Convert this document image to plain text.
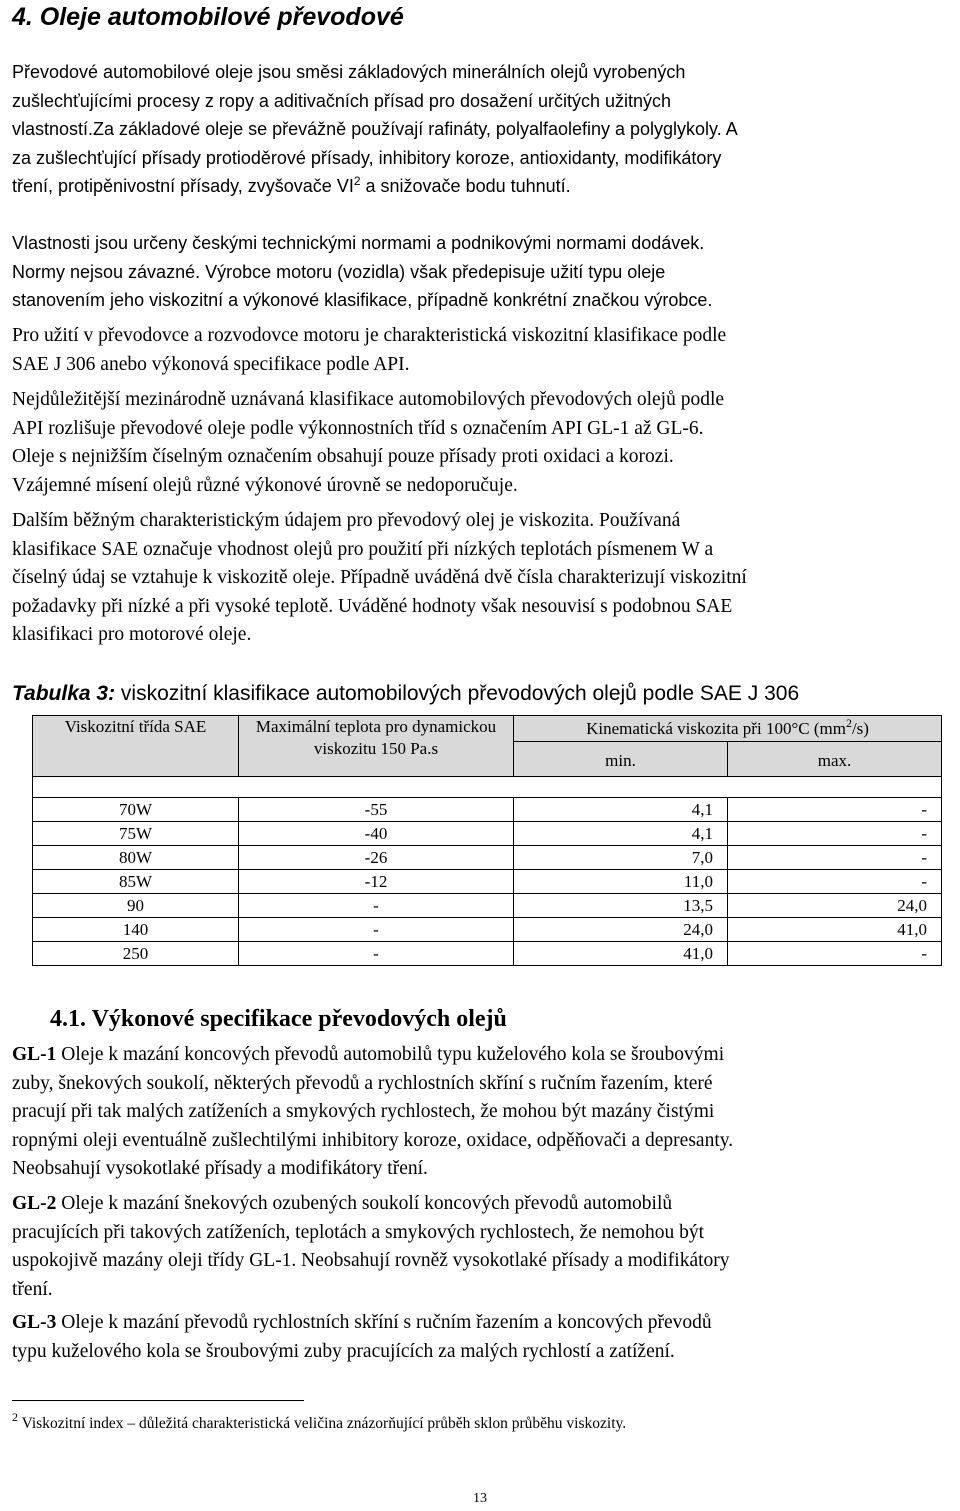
4. Oleje automobilové převodové

Převodové automobilové oleje jsou směsi základových minerálních olejů vyrobených
zušlechťujícími procesy z ropy a aditivačních přísad pro dosažení určitých užitných
vlastností.Za základové oleje se převážně používají rafináty, polyalfaolefiny a polyglykoly. A
za zušlechťující přísady protioděrové přísady, inhibitory koroze, antioxidanty, modifikátory
tření, protipěnivostní přísady, zvyšovače $VI^2$ a snižovače bodu tuhnutí.

Vlastnosti jsou určeny českými technickými normami a podnikovými normami dodávek.
Normy nejsou závazné. Výrobce motoru (vozidla) však předepisuje užití typu oleje
stanovením jeho viskozitní a výkonové klasifikace, případně konkrétní značkou výrobce.

Pro užití v převodovce a rozvodovce motoru je charakteristická viskozitní klasifikace podle
SAE J 306 anebo výkonová specifikace podle API.

Nejdůležitější mezinárodně uznávaná klasifikace automobilových převodových olejů podle
API rozlišuje převodové oleje podle výkonnostních tříd s označením API GL-1 až GL-6.
Oleje s nejnižším číselným označením obsahují pouze přísady proti oxidaci a korozi.
Vzájemné mísení olejů různé výkonové úrovně se nedoporučuje.

Dalším běžným charakteristickým údajem pro převodový olej je viskozita. Používaná
klasifikace SAE označuje vhodnost olejů pro použití při nízkých teplotách písmenem W a
číselný údaj se vztahuje k viskozitě oleje. Případně uváděná dvě čísla charakterizují viskozitní
požadavky při nízké a při vysoké teplotě. Uváděné hodnoty však nesouvisí s podobnou SAE
klasifikaci pro motorové oleje.

Tabulka 3: viskozitní klasifikace automobilových převodových olejů podle SAE J 306

Viskozitní třída SAE	Maximální teplota pro dynamickou viskozitu 150 Pa.s	Kinematická viskozita při 100°C $(mm^2/s)$	
		min.	max.

70W	-55	4,1	-
75W	-40	4,1	-
80W	-26	7,0	-
85W	-12	11,0	-
90	-	13,5	24,0
140	-	24,0	41,0
250	-	41,0	-
4.1. Výkonové specifikace převodových olejů

GL-1 Oleje k mazání koncových převodů automobilů typu kuželového kola se šroubovými
zuby, šnekových soukolí, některých převodů a rychlostních skříní s ručním řazením, které
pracují při tak malých zatíženích a smykových rychlostech, že mohou být mazány čistými
ropnými oleji eventuálně zušlechtilými inhibitory koroze, oxidace, odpěňovači a depresanty.
Neobsahují vysokotlaké přísady a modifikátory tření.

GL-2 Oleje k mazání šnekových ozubených soukolí koncových převodů automobilů
pracujících při takových zatíženích, teplotách a smykových rychlostech, že nemohou být
uspokojivě mazány oleji třídy GL-1. Neobsahují rovněž vysokotlaké přísady a modifikátory
tření.

GL-3 Oleje k mazání převodů rychlostních skříní s ručním řazením a koncových převodů
typu kuželového kola se šroubovými zuby pracujících za malých rychlostí a zatížení.

$^2$ Viskozitní index – důležitá charakteristická veličina znázorňující průběh sklon průběhu viskozity.

13
